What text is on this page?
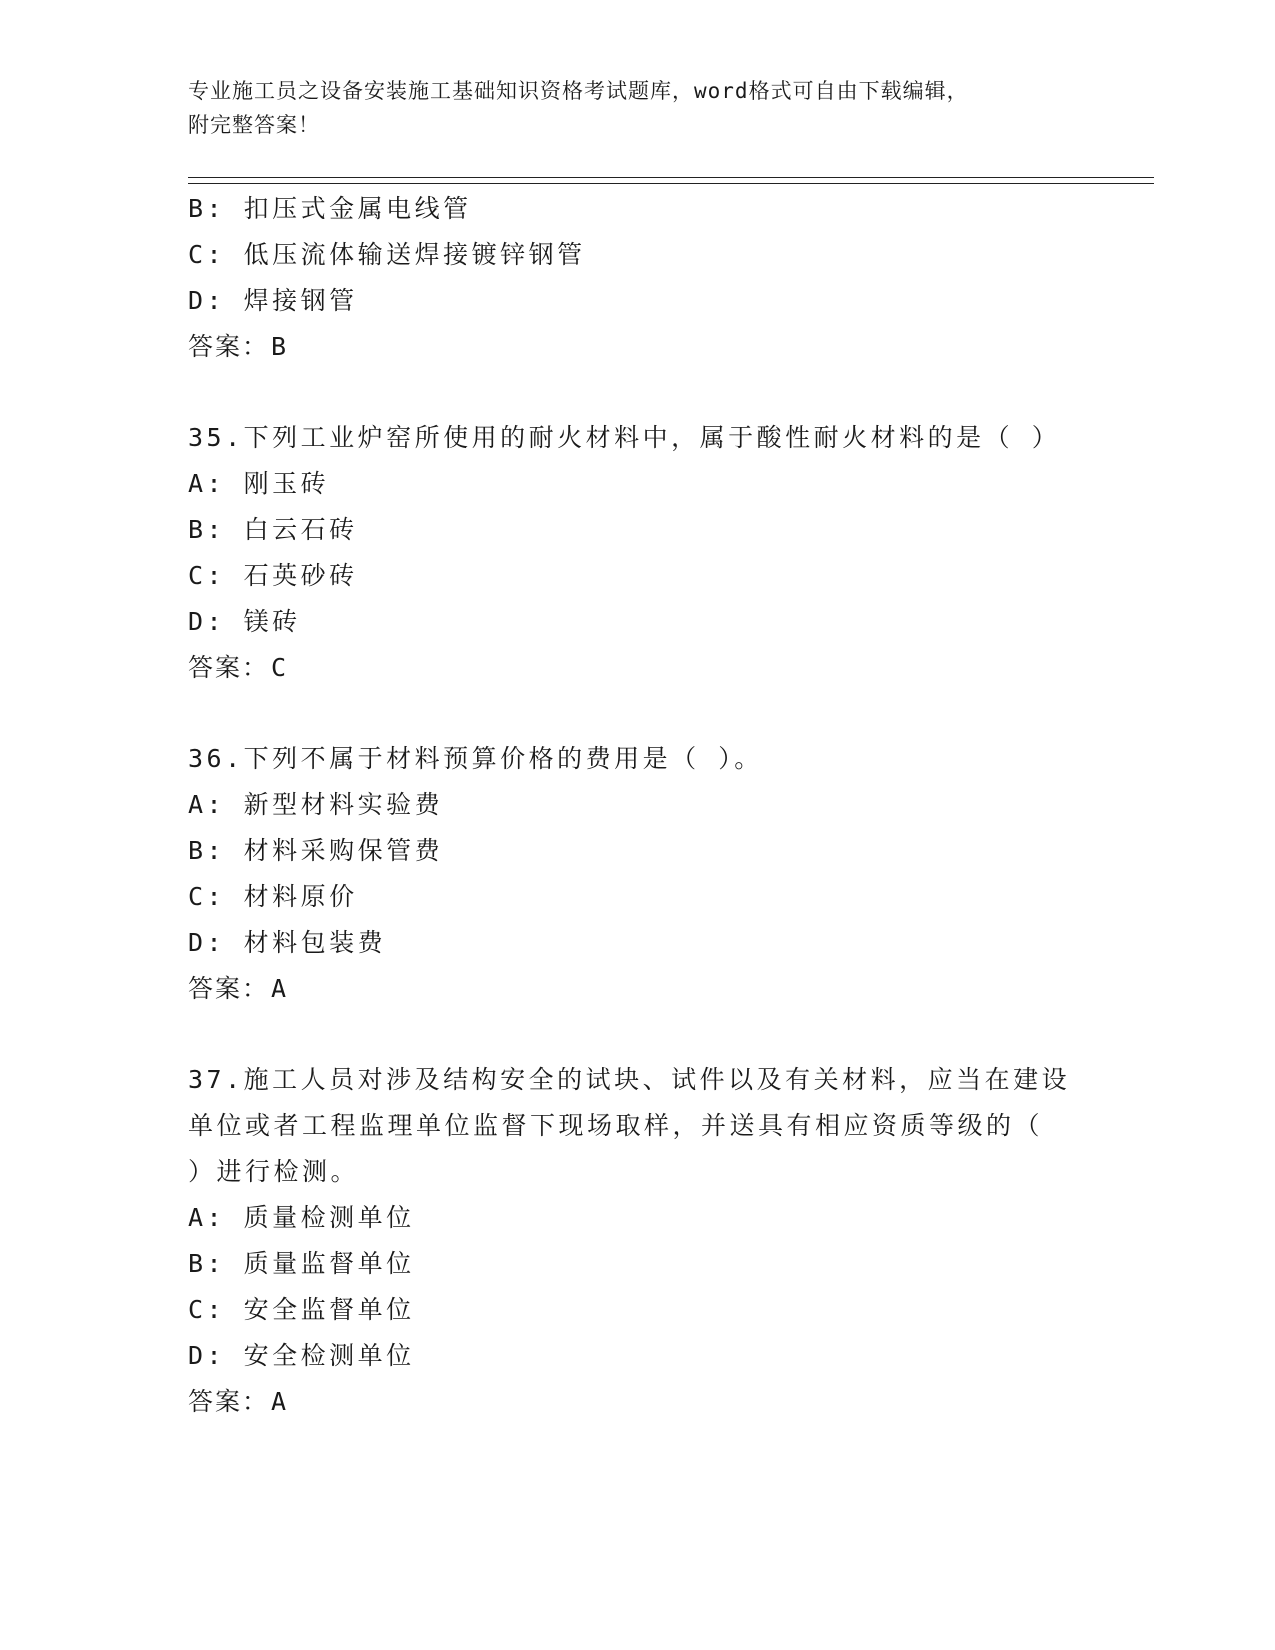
专业施工员之设备安装施工基础知识资格考试题库，word格式可自由下载编辑，
附完整答案！
B: 扣压式金属电线管
C: 低压流体输送焊接镀锌钢管
D: 焊接钢管
答案：B
35.下列工业炉窑所使用的耐火材料中，属于酸性耐火材料的是（ ）
A: 刚玉砖
B: 白云石砖
C: 石英砂砖
D: 镁砖
答案：C
36.下列不属于材料预算价格的费用是（ ）。
A: 新型材料实验费
B: 材料采购保管费
C: 材料原价
D: 材料包装费
答案：A
37.施工人员对涉及结构安全的试块、试件以及有关材料，应当在建设
单位或者工程监理单位监督下现场取样，并送具有相应资质等级的（
）进行检测。
A: 质量检测单位
B: 质量监督单位
C: 安全监督单位
D: 安全检测单位
答案：A
